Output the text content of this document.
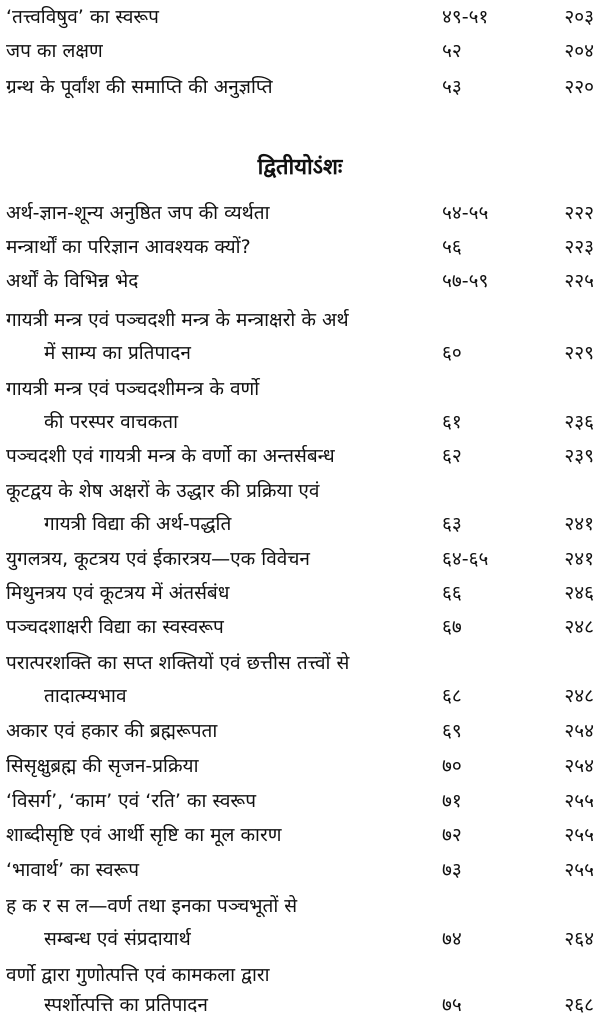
‘तत्त्वविषुव’ का स्वरूप	४९-५१	२०३
जप का लक्षण	५२	२०४
ग्रन्थ के पूर्वांश की समाप्ति की अनुज्ञप्ति	५३	२२०
द्वितीयोऽंशः
अर्थ-ज्ञान-शून्य अनुष्ठित जप की व्यर्थता	५४-५५	२२२
मन्त्रार्थों का परिज्ञान आवश्यक क्यों?	५६	२२३
अर्थों के विभिन्न भेद	५७-५९	२२५
गायत्री मन्त्र एवं पञ्चदशी मन्त्र के मन्त्राक्षरो के अर्थ
में साम्य का प्रतिपादन	६०	२२९
गायत्री मन्त्र एवं पञ्चदशीमन्त्र के वर्णो
की परस्पर वाचकता	६१	२३६
पञ्चदशी एवं गायत्री मन्त्र के वर्णो का अन्तर्सबन्ध	६२	२३९
कूटद्वय के शेष अक्षरों के उद्धार की प्रक्रिया एवं
गायत्री विद्या की अर्थ-पद्धति	६३	२४१
युगलत्रय, कूटत्रय एवं ईकारत्रय—एक विवेचन	६४-६५	२४१
मिथुनत्रय एवं कूटत्रय में अंतर्सबंध	६६	२४६
पञ्चदशाक्षरी विद्या का स्वस्वरूप	६७	२४८
परात्परशक्ति का सप्त शक्तियों एवं छत्तीस तत्त्वों से
तादात्म्यभाव	६८	२४८
अकार एवं हकार की ब्रह्मरूपता	६९	२५४
सिसृक्षुब्रह्म की सृजन-प्रक्रिया	७०	२५४
‘विसर्ग’, ‘काम’ एवं ‘रति’ का स्वरूप	७१	२५५
शाब्दीसृष्टि एवं आर्थी सृष्टि का मूल कारण	७२	२५५
‘भावार्थ’ का स्वरूप	७३	२५५
ह क र स ल—वर्ण तथा इनका पञ्चभूतों से
सम्बन्ध एवं संप्रदायार्थ	७४	२६४
वर्णो द्वारा गुणोत्पत्ति एवं कामकला द्वारा
स्पर्शोत्पत्ति का प्रतिपादन	७५	२६८
